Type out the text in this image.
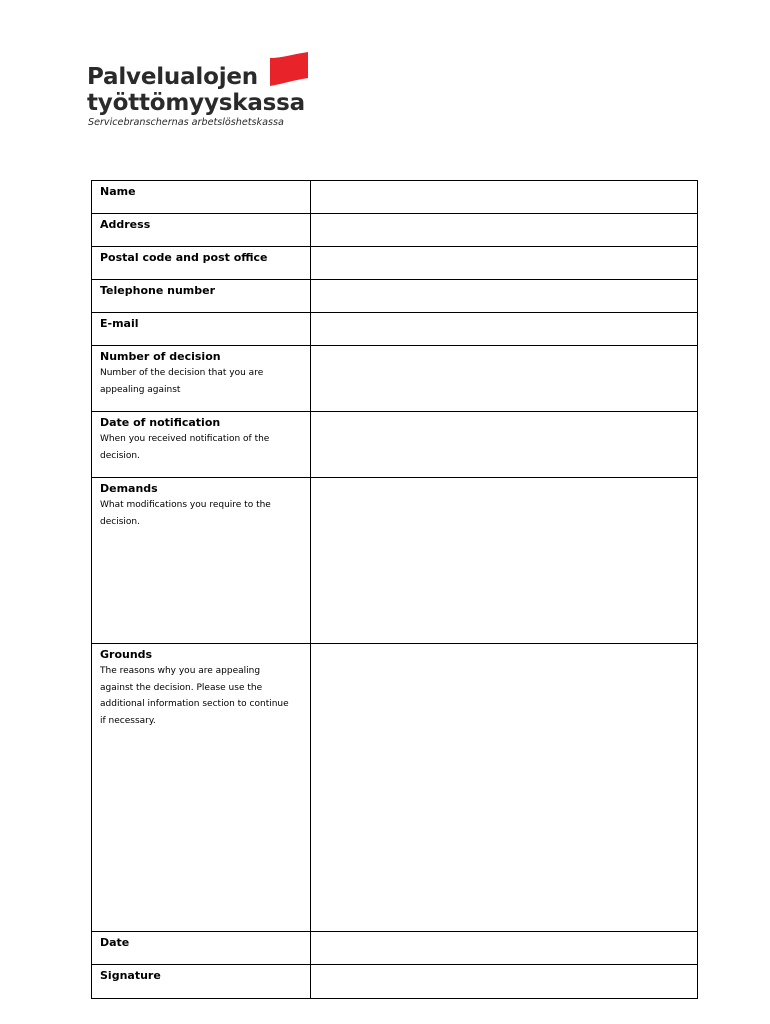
Palvelualojen
työttömyyskassa
Servicebranschernas arbetslöshetskassa
Name	

Address	

Postal code and post office	

Telephone number	

E-mail	

Number of decision
Number of the decision that you are
appealing against	

Date of notification
When you received notification of the
decision.	

Demands
What modifications you require to the
decision.	

Grounds
The reasons why you are appealing
against the decision. Please use the
additional information section to continue
if necessary.	

Date	

Signature	
